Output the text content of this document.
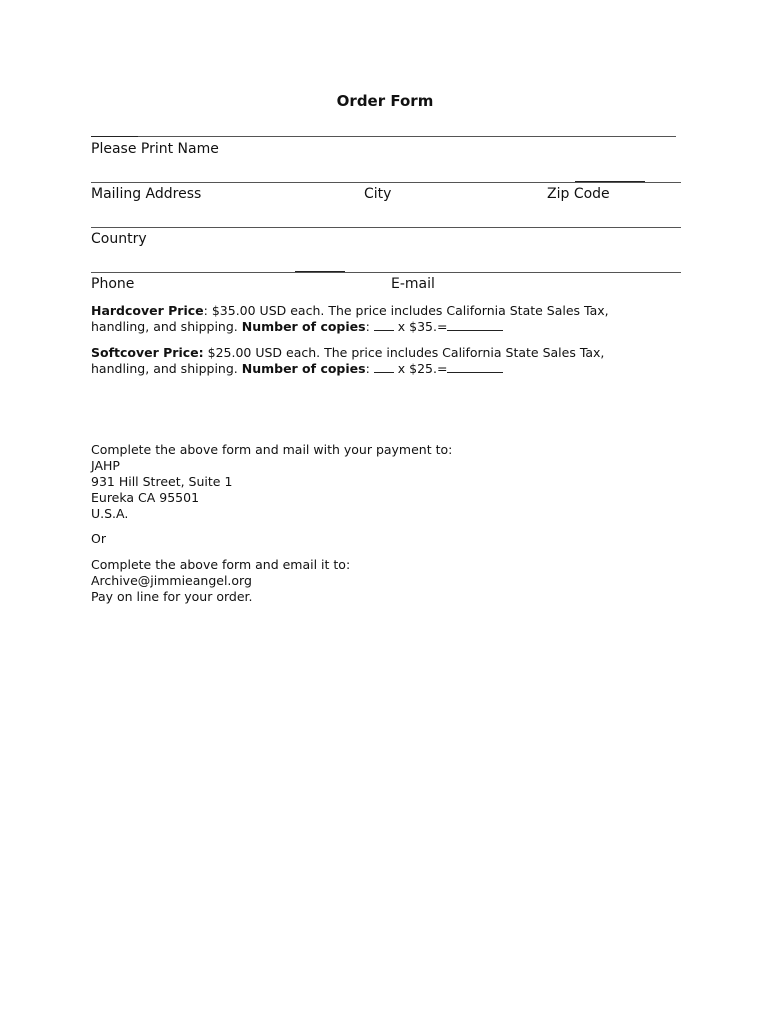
Order Form
Please Print Name
Mailing Address	City	Zip Code
Country
Phone	E-mail
Hardcover Price: $35.00 USD each. The price includes California State Sales Tax,
handling, and shipping. Number of copies:  x $35.=
Softcover Price: $25.00 USD each. The price includes California State Sales Tax,
handling, and shipping. Number of copies:  x $25.=
Complete the above form and mail with your payment to:
JAHP
931 Hill Street, Suite 1
Eureka CA 95501
U.S.A.
Or
Complete the above form and email it to:
Archive@jimmieangel.org
Pay on line for your order.
